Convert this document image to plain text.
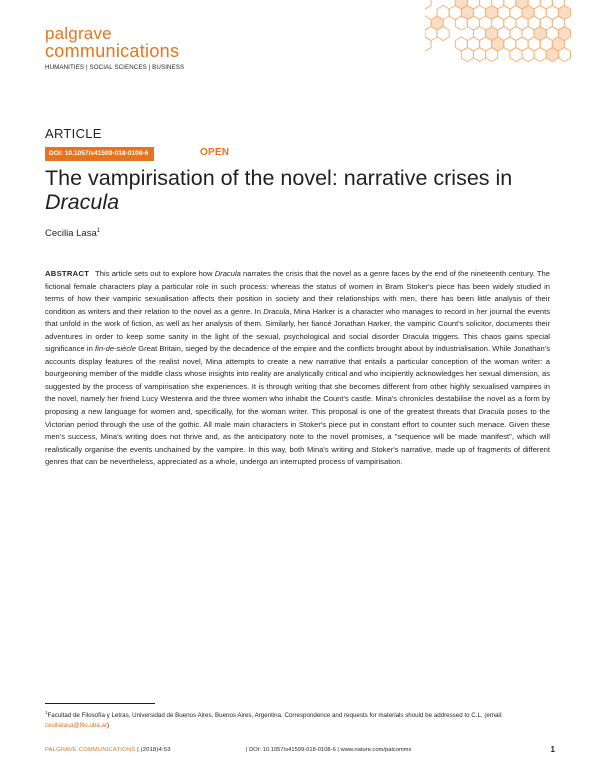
palgrave
communications
HUMANITIES | SOCIAL SCIENCES | BUSINESS
ARTICLE
DOI: 10.1057/s41599-018-0108-6	OPEN
The vampirisation of the novel: narrative crises in
Dracula
Cecilia Lasa$^1$
ABSTRACT This article sets out to explore how Dracula narrates the crisis that the novel as a genre faces by the end of the nineteenth century. The fictional female characters play a particular role in such process: whereas the status of women in Bram Stoker's piece has been widely studied in terms of how their vampiric sexualisation affects their position in society and their relationships with men, there has been little analysis of their condition as writers and their relation to the novel as a genre. In Dracula, Mina Harker is a character who manages to record in her journal the events that unfold in the work of fiction, as well as her analysis of them. Similarly, her fiancé Jonathan Harker, the vampiric Count's solicitor, documents their adventures in order to keep some sanity in the light of the sexual, psychological and social disorder Dracula triggers. This chaos gains special significance in fin-de-siècle Great Britain, sieged by the decadence of the empire and the conflicts brought about by industrialisation. While Jonathan's accounts display features of the realist novel, Mina attempts to create a new narrative that entails a particular conception of the woman writer: a bourgeoning member of the middle class whose insights into reality are analytically critical and who incipiently acknowledges her sexual dimension, as suggested by the process of vampirisation she experiences. It is through writing that she becomes different from other highly sexualised vampires in the novel, namely her friend Lucy Westenra and the three women who inhabit the Count's castle. Mina's chronicles destabilise the novel as a form by proposing a new language for women and, specifically, for the woman writer. This proposal is one of the greatest threats that Dracula poses to the Victorian period through the use of the gothic. All male main characters in Stoker's piece put in constant effort to counter such menace. Given these men's success, Mina's writing does not thrive and, as the anticipatory note to the novel promises, a "sequence will be made manifest", which will realistically organise the events unchained by the vampire. In this way, both Mina's writing and Stoker's narrative, made up of fragments of different genres that can be nevertheless, appreciated as a whole, undergo an interrupted process of vampirisation.
$^1$Facultad de Filosofía y Letras, Universidad de Buenos Aires, Buenos Aires, Argentina. Correspondence and requests for materials should be addressed to C.L. (email: cecilialasa@filo.uba.ar)
PALGRAVE COMMUNICATIONS | (2018)4:53	| DOI: 10.1057/s41599-018-0108-6 | www.nature.com/palcomms	1
